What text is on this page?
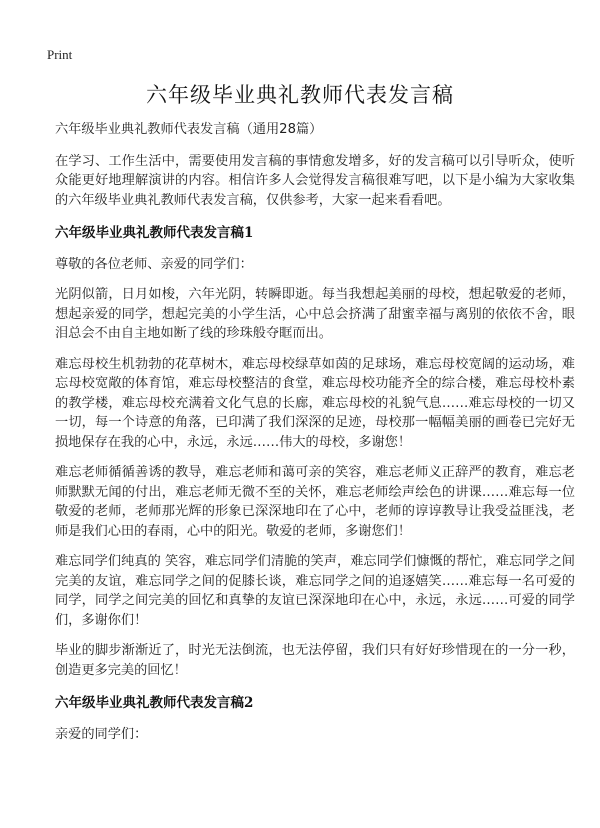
Print
六年级毕业典礼教师代表发言稿

六年级毕业典礼教师代表发言稿（通用28篇）

在学习、工作生活中，需要使用发言稿的事情愈发增多，好的发言稿可以引导听众，使听众能更好地理解演讲的内容。相信许多人会觉得发言稿很难写吧，以下是小编为大家收集的六年级毕业典礼教师代表发言稿，仅供参考，大家一起来看看吧。

六年级毕业典礼教师代表发言稿1

尊敬的各位老师、亲爱的同学们：

光阴似箭，日月如梭，六年光阴，转瞬即逝。每当我想起美丽的母校，想起敬爱的老师，想起亲爱的同学，想起完美的小学生活，心中总会挤满了甜蜜幸福与离别的依依不舍，眼泪总会不由自主地如断了线的珍珠般夺眶而出。

难忘母校生机勃勃的花草树木，难忘母校绿草如茵的足球场，难忘母校宽阔的运动场，难忘母校宽敞的体育馆，难忘母校整洁的食堂，难忘母校功能齐全的综合楼，难忘母校朴素的教学楼，难忘母校充满着文化气息的长廊，难忘母校的礼貌气息……难忘母校的一切又一切，每一个诗意的角落，已印满了我们深深的足迹，母校那一幅幅美丽的画卷已完好无损地保存在我的心中，永远，永远……伟大的母校，多谢您！

难忘老师循循善诱的教导，难忘老师和蔼可亲的笑容，难忘老师义正辞严的教育，难忘老师默默无闻的付出，难忘老师无微不至的关怀，难忘老师绘声绘色的讲课……难忘每一位敬爱的老师，老师那光辉的形象已深深地印在了心中，老师的谆谆教导让我受益匪浅，老师是我们心田的春雨，心中的阳光。敬爱的老师，多谢您们！

难忘同学们纯真的 笑容，难忘同学们清脆的笑声，难忘同学们慷慨的帮忙，难忘同学之间完美的友谊，难忘同学之间的促膝长谈，难忘同学之间的追逐嬉笑……难忘每一名可爱的同学，同学之间完美的回忆和真挚的友谊已深深地印在心中，永远，永远……可爱的同学们，多谢你们！

毕业的脚步渐渐近了，时光无法倒流，也无法停留，我们只有好好珍惜现在的一分一秒，创造更多完美的回忆！

六年级毕业典礼教师代表发言稿2

亲爱的同学们：
